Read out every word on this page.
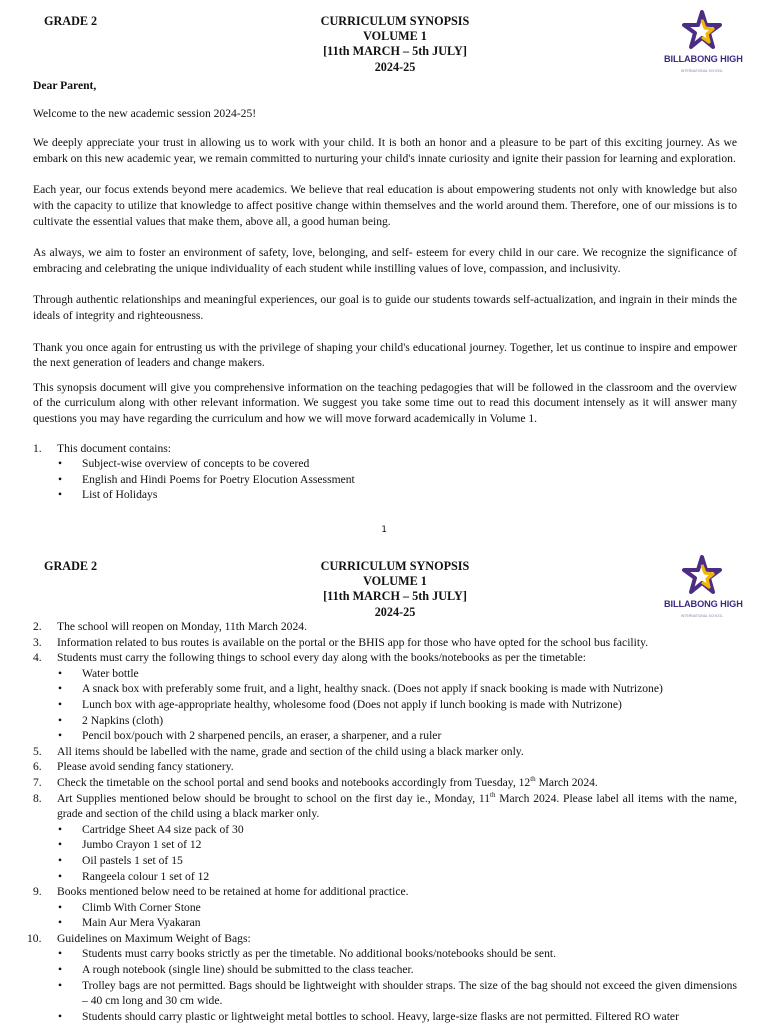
GRADE 2	CURRICULUM SYNOPSIS
VOLUME 1
[11th MARCH – 5th JULY]
2024-25
BILLABONG HIGH
INTERNATIONAL SCHOOL

Dear Parent,

Welcome to the new academic session 2024-25!

We deeply appreciate your trust in allowing us to work with your child. It is both an honor and a pleasure to be part of this exciting journey. As we embark on this new academic year, we remain committed to nurturing your child's innate curiosity and ignite their passion for learning and exploration.

Each year, our focus extends beyond mere academics. We believe that real education is about empowering students not only with knowledge but also with the capacity to utilize that knowledge to affect positive change within themselves and the world around them. Therefore, one of our missions is to cultivate the essential values that make them, above all, a good human being.

As always, we aim to foster an environment of safety, love, belonging, and self- esteem for every child in our care. We recognize the significance of embracing and celebrating the unique individuality of each student while instilling values of love, compassion, and inclusivity.

Through authentic relationships and meaningful experiences, our goal is to guide our students towards self-actualization, and ingrain in their minds the ideals of integrity and righteousness.

Thank you once again for entrusting us with the privilege of shaping your child's educational journey. Together, let us continue to inspire and empower the next generation of leaders and change makers.

This synopsis document will give you comprehensive information on the teaching pedagogies that will be followed in the classroom and the overview of the curriculum along with other relevant information. We suggest you take some time out to read this document intensely as it will answer many questions you may have regarding the curriculum and how we will move forward academically in Volume 1.

1. This document contains:
• Subject-wise overview of concepts to be covered
• English and Hindi Poems for Poetry Elocution Assessment
• List of Holidays
1
GRADE 2	CURRICULUM SYNOPSIS
VOLUME 1
[11th MARCH – 5th JULY]
2024-25
BILLABONG HIGH
INTERNATIONAL SCHOOL
2. The school will reopen on Monday, 11th March 2024.
3. Information related to bus routes is available on the portal or the BHIS app for those who have opted for the school bus facility.
4. Students must carry the following things to school every day along with the books/notebooks as per the timetable:
• Water bottle
• A snack box with preferably some fruit, and a light, healthy snack. (Does not apply if snack booking is made with Nutrizone)
• Lunch box with age-appropriate healthy, wholesome food (Does not apply if lunch booking is made with Nutrizone)
• 2 Napkins (cloth)
• Pencil box/pouch with 2 sharpened pencils, an eraser, a sharpener, and a ruler
5. All items should be labelled with the name, grade and section of the child using a black marker only.
6. Please avoid sending fancy stationery.
7. Check the timetable on the school portal and send books and notebooks accordingly from Tuesday, 12th March 2024.
8. Art Supplies mentioned below should be brought to school on the first day ie., Monday, 11th March 2024. Please label all items with the name, grade and section of the child using a black marker only.
• Cartridge Sheet A4 size pack of 30
• Jumbo Crayon 1 set of 12
• Oil pastels 1 set of 15
• Rangeela colour 1 set of 12
9. Books mentioned below need to be retained at home for additional practice.
• Climb With Corner Stone
• Main Aur Mera Vyakaran
10. Guidelines on Maximum Weight of Bags:
• Students must carry books strictly as per the timetable. No additional books/notebooks should be sent.
• A rough notebook (single line) should be submitted to the class teacher.
• Trolley bags are not permitted. Bags should be lightweight with shoulder straps. The size of the bag should not exceed the given dimensions – 40 cm long and 30 cm wide.
• Students should carry plastic or lightweight metal bottles to school. Heavy, large-size flasks are not permitted. Filtered RO water
